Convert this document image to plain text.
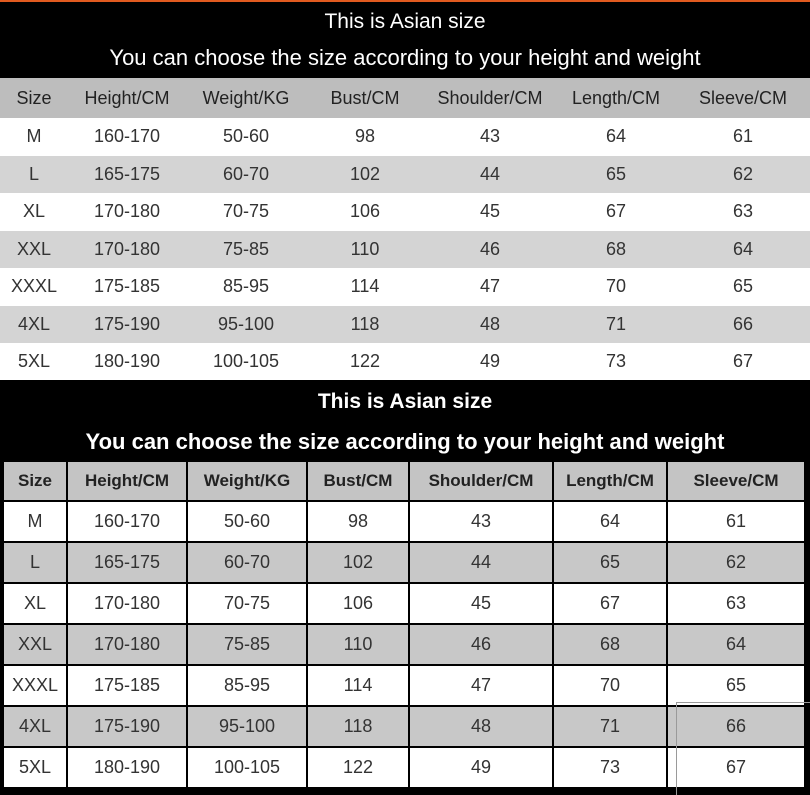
This is Asian size
You can choose the size according to your height and weight
Size	Height/CM	Weight/KG	Bust/CM	Shoulder/CM	Length/CM	Sleeve/CM
M	160-170	50-60	98	43	64	61
L	165-175	60-70	102	44	65	62
XL	170-180	70-75	106	45	67	63
XXL	170-180	75-85	110	46	68	64
XXXL	175-185	85-95	114	47	70	65
4XL	175-190	95-100	118	48	71	66
5XL	180-190	100-105	122	49	73	67
This is Asian size
You can choose the size according to your height and weight
Size	Height/CM	Weight/KG	Bust/CM	Shoulder/CM	Length/CM	Sleeve/CM
M	160-170	50-60	98	43	64	61
L	165-175	60-70	102	44	65	62
XL	170-180	70-75	106	45	67	63
XXL	170-180	75-85	110	46	68	64
XXXL	175-185	85-95	114	47	70	65
4XL	175-190	95-100	118	48	71	66
5XL	180-190	100-105	122	49	73	67
